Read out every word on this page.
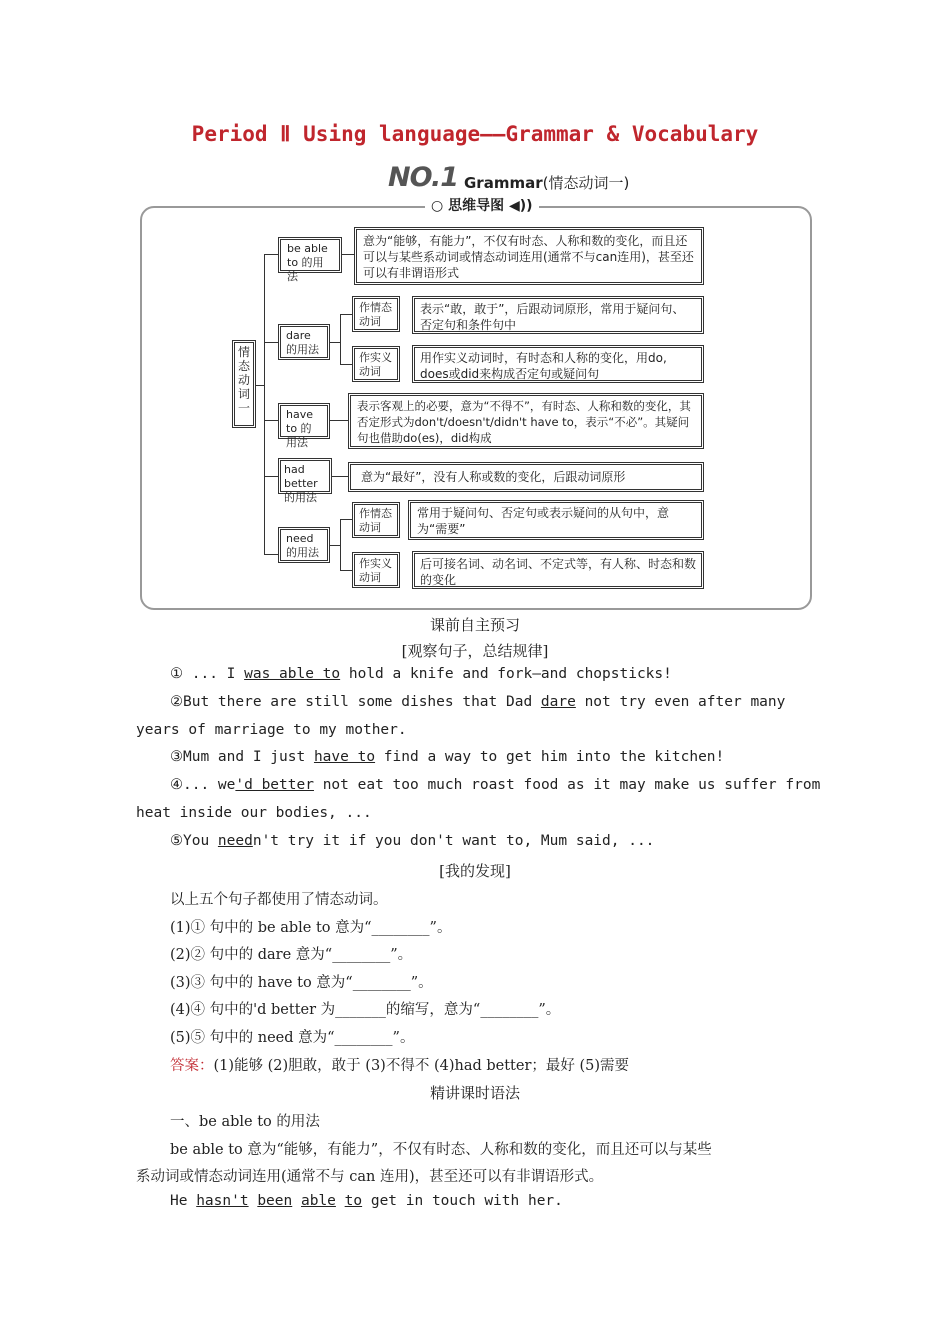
Period Ⅱ Using language——Grammar & Vocabulary
NO.1 Grammar(情态动词一)
○ 思维导图 ◀))
情态动词一
be able to 的用法
意为“能够，有能力”，不仅有时态、人称和数的变化，而且还可以与某些系动词或情态动词连用(通常不与can连用)，甚至还可以有非谓语形式
dare 的用法
作情态动词
表示“敢，敢于”，后跟动词原形，常用于疑问句、否定句和条件句中
作实义动词
用作实义动词时，有时态和人称的变化，用do, does或did来构成否定句或疑问句
have to 的用法
表示客观上的必要，意为“不得不”，有时态、人称和数的变化，其否定形式为don't/doesn't/didn't have to，表示“不必”。其疑问句也借助do(es)，did构成
had better 的用法
意为“最好”，没有人称或数的变化，后跟动词原形
need 的用法
作情态动词
常用于疑问句、否定句或表示疑问的从句中，意为“需要”
作实义动词
后可接名词、动名词、不定式等，有人称、时态和数的变化
课前自主预习
[观察句子，总结规律]
① ... I was able to hold a knife and fork—and chopsticks!
②But there are still some dishes that Dad dare not try even after many
years of marriage to my mother.
③Mum and I just have to find a way to get him into the kitchen!
④... we'd better not eat too much roast food as it may make us suffer from
heat inside our bodies, ...
⑤You needn't try it if you don't want to, Mum said, ...
[我的发现]
以上五个句子都使用了情态动词。
(1)① 句中的 be able to 意为“________”。
(2)② 句中的 dare 意为“________”。
(3)③ 句中的 have to 意为“________”。
(4)④ 句中的'd better 为_______的缩写，意为“________”。
(5)⑤ 句中的 need 意为“________”。
答案：(1)能够 (2)胆敢，敢于 (3)不得不 (4)had better；最好 (5)需要
精讲课时语法
一、be able to 的用法
be able to 意为“能够，有能力”，不仅有时态、人称和数的变化，而且还可以与某些
系动词或情态动词连用(通常不与 can 连用)，甚至还可以有非谓语形式。
He hasn't been able to get in touch with her.
